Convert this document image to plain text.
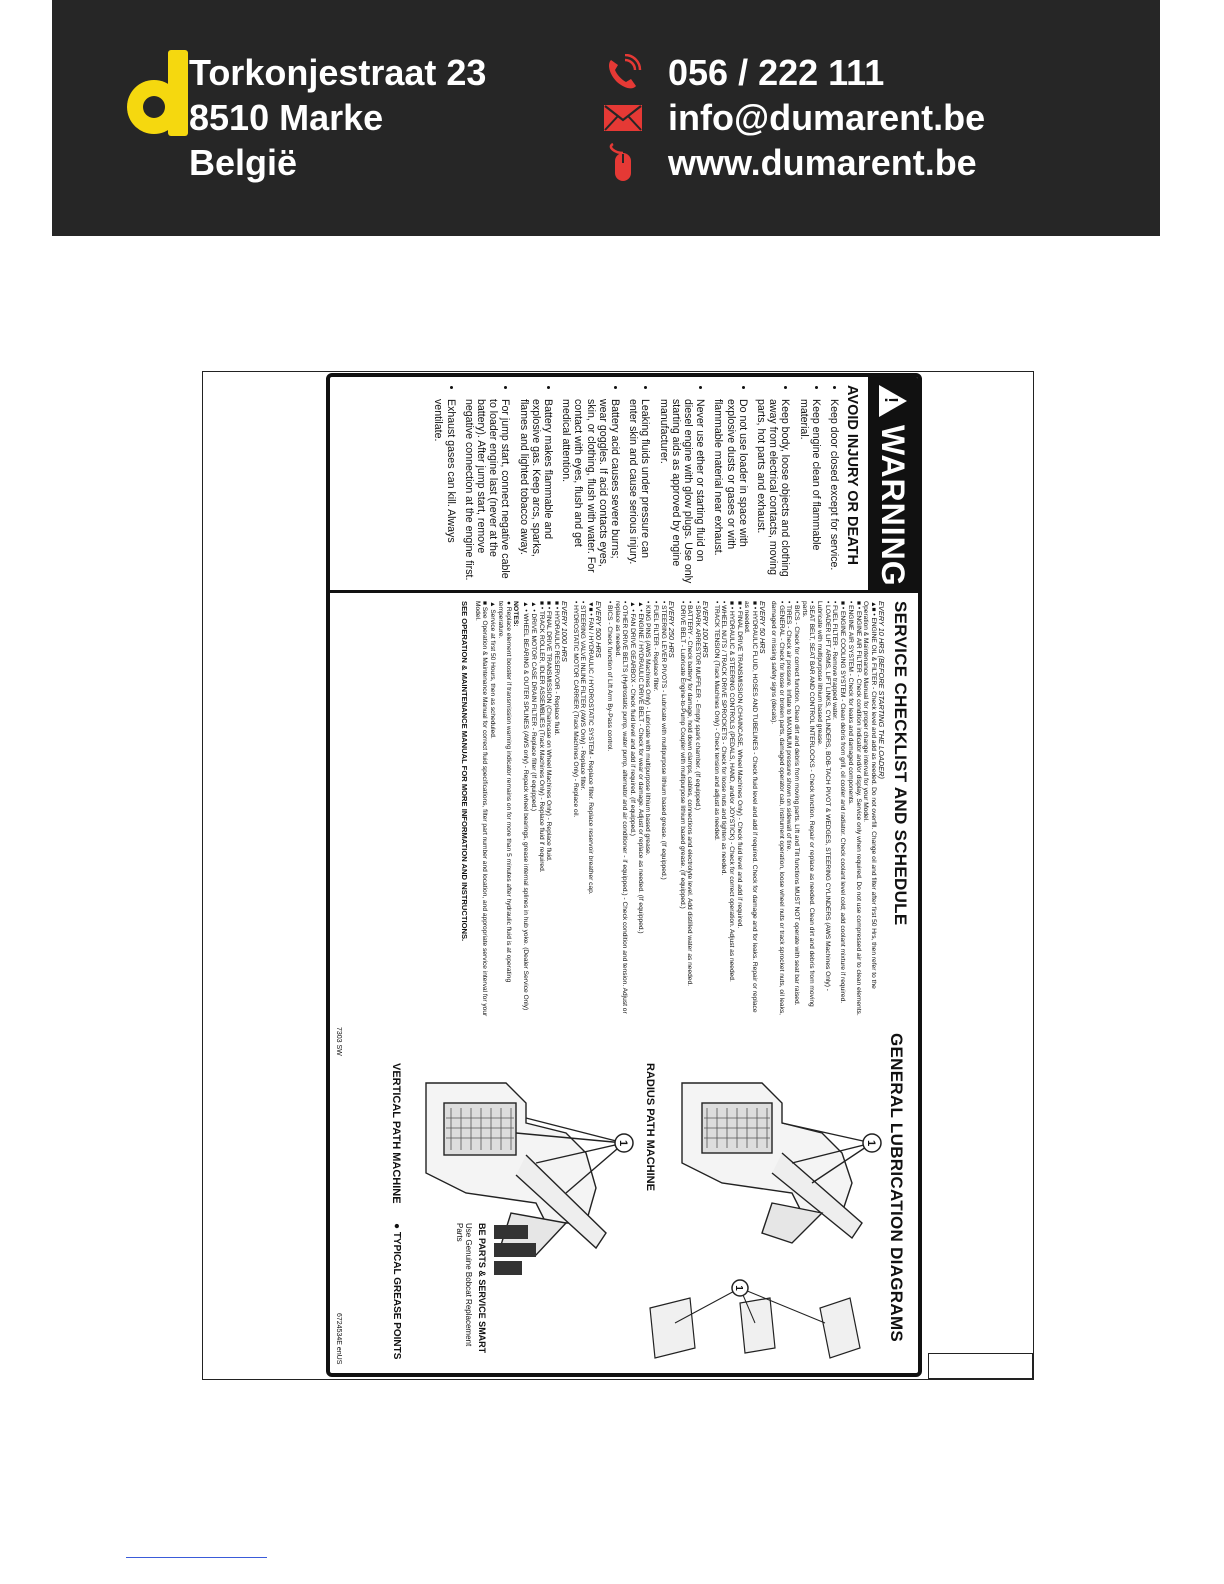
Torkonjestraat 23
8510 Marke
België
056 / 222 111
info@dumarent.be
www.dumarent.be
!
WARNING
AVOID INJURY OR DEATH
• Keep door closed except for service.
• Keep engine clean of flammable material.
• Keep body, loose objects and clothing away from electrical contacts, moving parts, hot parts and exhaust.
• Do not use loader in space with explosive dusts or gases or with flammable material near exhaust.
• Never use ether or starting fluid on diesel engine with glow plugs. Use only starting aids as approved by engine manufacturer.
• Leaking fluids under pressure can enter skin and cause serious injury.
• Battery acid causes severe burns; wear goggles. If acid contacts eyes, skin, or clothing, flush with water. For contact with eyes, flush and get medical attention.
• Battery makes flammable and explosive gas. Keep arcs, sparks, flames and lighted tobacco away.
• For jump start, connect negative cable to loader engine last (never at the battery). After jump start, remove negative connection at the engine first.
• Exhaust gases can kill. Always ventilate.
SERVICE CHECKLIST AND SCHEDULE
EVERY 10 HRS (BEFORE STARTING THE LOADER)
▲■ • ENGINE OIL & FILTER - Check level and add as needed. Do not overfill. Change oil and filter after first 50 Hrs, then refer to the Operation & Maintenance Manual for proper change interval for your Model.
■ • ENGINE AIR FILTER - Check condition indicator and/or display. Service only when required. Do not use compressed air to clean elements.
• ENGINE AIR SYSTEM - Check for leaks and damaged components.
■ • ENGINE COOLING SYSTEM - Clean debris from grill, oil cooler and radiator. Check coolant level cold; add coolant mixture if required.
• FUEL FILTER - Remove trapped water.
• LOADER LIFT ARMS, LIFT LINKS, CYLINDERS, BOB-TACH PIVOT & WEDGES, STEERING CYLINDERS (AWS Machines Only) - Lubricate with multipurpose lithium based grease.
• SEAT BELT, SEAT BAR AND CONTROL INTERLOCKS - Check function. Repair or replace as needed. Clean dirt and debris from moving parts.
• BICS - Check for correct function. Clean dirt and debris from moving parts. Lift and Tilt functions MUST NOT operate with seat bar raised.
• TIRES - Check air pressure. Inflate to MAXIMUM pressure shown on sidewall of tire.
• GENERAL - Check for loose or broken parts, damaged operator cab, instrument operation, loose wheel nuts or track sprocket nuts, oil leaks, damaged or missing safety signs (decals).
EVERY 50 HRS
■ • HYDRAULIC FLUID, HOSES AND TUBELINES - Check fluid level and add if required. Check for damage and for leaks. Repair or replace as needed.
■ • FINAL DRIVE TRANSMISSION (CHAINCASE, Wheel Machines Only) - Check fluid level and add if required.
■ • HYDRAULIC & STEERING CONTROLS (PEDALS, HAND, and/or JOYSTICK) - Check for correct operation. Adjust as needed.
• WHEEL NUTS / TRACK DRIVE SPROCKETS - Check for loose nuts and tighten as needed.
• TRACK TENSION (Track Machines Only) - Check tension and adjust as needed.
EVERY 100 HRS
• SPARK ARRESTOR MUFFLER - Empty spark chamber. (If equipped.)
• BATTERY - Check battery for damage, hold down clamps, cables, connections and electrolyte level. Add distilled water as needed.
• DRIVE BELT - Lubricate Engine-to-Pump Coupler with multipurpose lithium based grease. (If equipped.)
EVERY 250 HRS
• STEERING LEVER PIVOTS - Lubricate with multipurpose lithium based grease. (If equipped.)
• FUEL FILTER - Replace filter.
• KING PINS (AWS Machines Only) - Lubricate with multipurpose lithium based grease.
▲ • ENGINE / HYDRAULIC DRIVE BELT - Check for wear or damage. Adjust or replace as needed. (If equipped.)
▲ • FAN DRIVE GEARBOX - Check fluid level and add if required. (If equipped.)
• OTHER DRIVE BELTS (Hydrostatic pump, water pump, alternator and air conditioner - if equipped.) - Check condition and tension. Adjust or replace as needed.
• BICS - Check function of Lift Arm By-Pass control.
EVERY 500 HRS
▼■ • FAN / HYDRAULIC / HYDROSTATIC SYSTEM - Replace filter. Replace reservoir breather cap.
• STEERING VALVE INLINE FILTER (AWS Only) - Replace filter.
• HYDROSTATIC MOTOR CARRIER (Track Machines Only) - Replace oil.
EVERY 1000 HRS
■ • HYDRAULIC RESERVOIR - Replace fluid.
■ • FINAL DRIVE TRANSMISSION (Chaincase on Wheel Machines Only) - Replace fluid.
■ • TRACK ROLLER, IDLER ASSEMBLIES (Track Machines Only) - Replace fluid if required.
▲ • DRIVE MOTOR CASE DRAIN FILTER - Replace filter (If equipped.)
▲ • WHEEL BEARING & OUTER SPLINES (AWS only) - Repack wheel bearings, grease internal splines in hub yoke. (Dealer Service Only)
NOTES:
● Replace element booster if transmission warning indicator remains on for more than 5 minutes after hydraulic fluid is at operating temperature.
▲ Service at first 50 Hours, then as scheduled.
■ See Operation & Maintenance Manual for correct fluid specifications, filter part number and location, and appropriate service interval for your Model.
SEE OPERATION & MAINTENANCE MANUAL FOR MORE INFORMATION AND INSTRUCTIONS.
GENERAL LUBRICATION DIAGRAMS
1
1
RADIUS PATH MACHINE
1
VERTICAL PATH MACHINE
● TYPICAL GREASE POINTS	BE PARTS & SERVICE SMART
Use Genuine Bobcat Replacement Parts
7303 SW
6724534E enUS
